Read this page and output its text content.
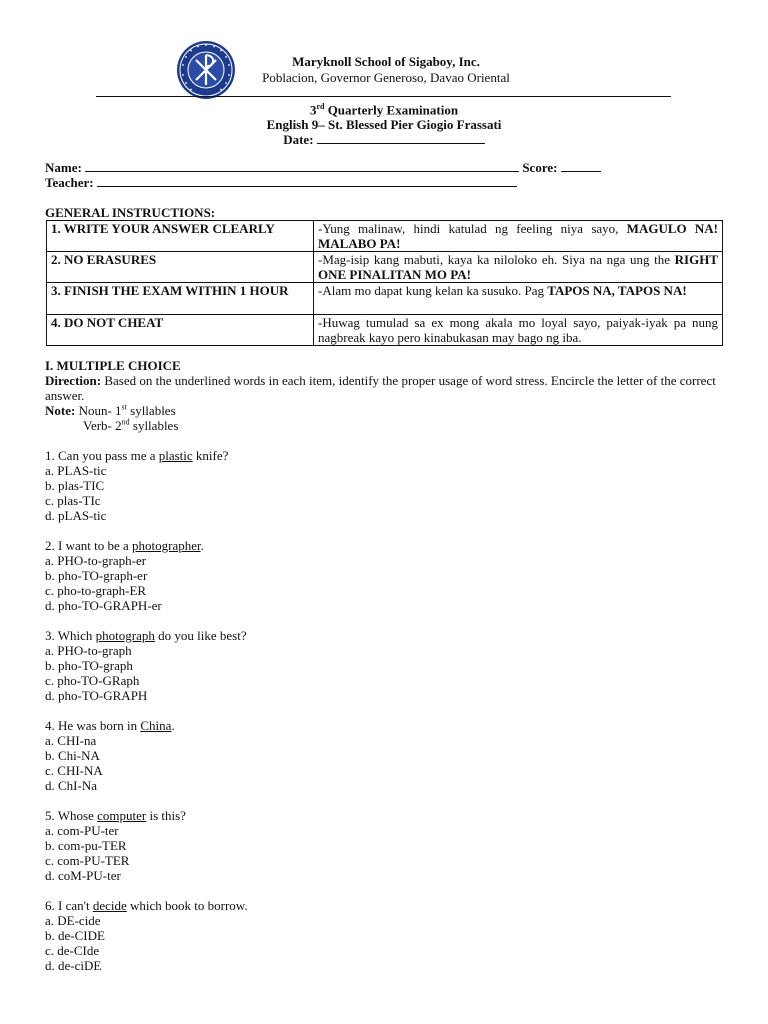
Maryknoll School of Sigaboy, Inc.
Poblacion, Governor Generoso, Davao Oriental
3rd Quarterly Examination
English 9– St. Blessed Pier Giogio Frassati
Date:
Name:	Score:
Teacher:
GENERAL INSTRUCTIONS:
1. WRITE YOUR ANSWER CLEARLY	-Yung malinaw, hindi katulad ng feeling niya sayo, MAGULO NA! MALABO PA!
2. NO ERASURES	-Mag-isip kang mabuti, kaya ka niloloko eh. Siya na nga ung the RIGHT ONE PINALITAN MO PA!
3. FINISH THE EXAM WITHIN 1 HOUR	-Alam mo dapat kung kelan ka susuko. Pag TAPOS NA, TAPOS NA!
4. DO NOT CHEAT	-Huwag tumulad sa ex mong akala mo loyal sayo, paiyak-iyak pa nung nagbreak kayo pero kinabukasan may bago ng iba.
I. MULTIPLE CHOICE
Direction: Based on the underlined words in each item, identify the proper usage of word stress. Encircle the letter of the correct answer.
Note: Noun- 1st syllables
Verb- 2nd syllables
1. Can you pass me a plastic knife?
a. PLAS-tic
b. plas-TIC
c. plas-TIc
d. pLAS-tic
2. I want to be a photographer.
a. PHO-to-graph-er
b. pho-TO-graph-er
c. pho-to-graph-ER
d. pho-TO-GRAPH-er
3. Which photograph do you like best?
a. PHO-to-graph
b. pho-TO-graph
c. pho-TO-GRaph
d. pho-TO-GRAPH
4. He was born in China.
a. CHI-na
b. Chi-NA
c. CHI-NA
d. ChI-Na
5. Whose computer is this?
a. com-PU-ter
b. com-pu-TER
c. com-PU-TER
d. coM-PU-ter
6. I can't decide which book to borrow.
a. DE-cide
b. de-CIDE
c. de-CIde
d. de-ciDE
